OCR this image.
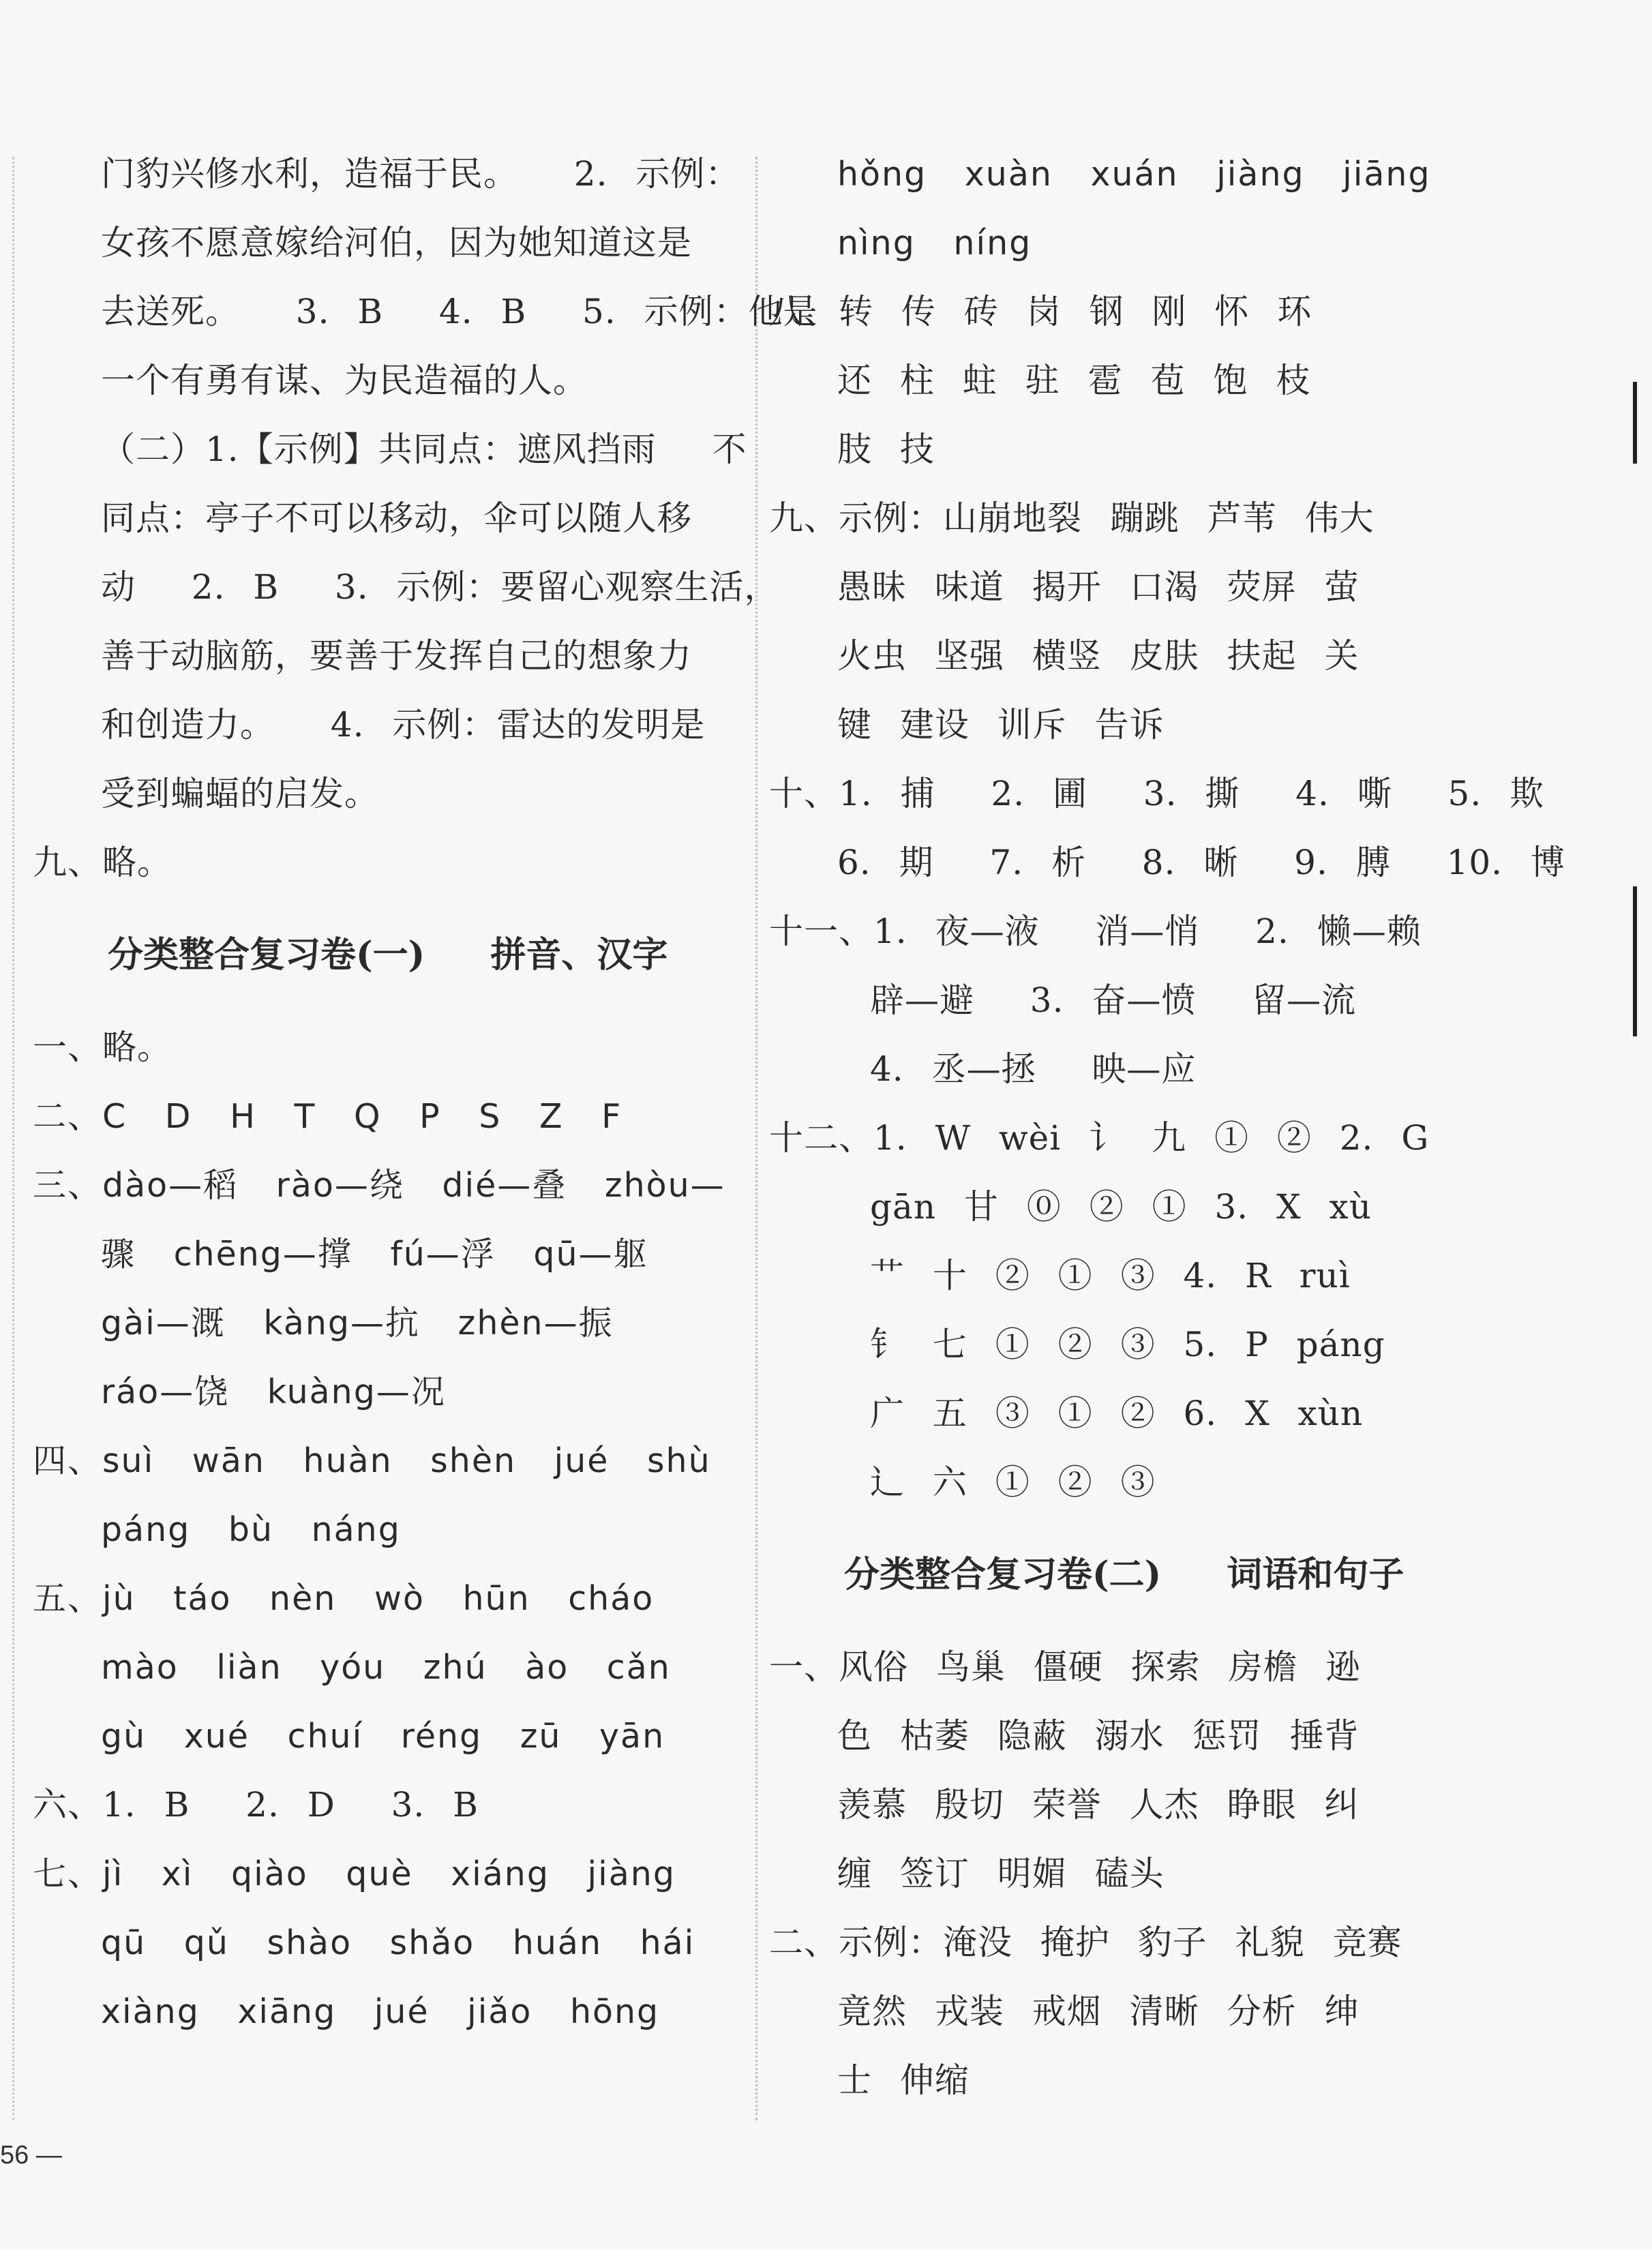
门豹兴修水利，造福于民。  2. 示例：
女孩不愿意嫁给河伯，因为她知道这是
去送死。  3. B  4. B  5. 示例：他是
一个有勇有谋、为民造福的人。
（二）1.【示例】共同点：遮风挡雨  不
同点：亭子不可以移动，伞可以随人移
动  2. B  3. 示例：要留心观察生活，
善于动脑筋，要善于发挥自己的想象力
和创造力。  4. 示例：雷达的发明是
受到蝙蝠的启发。
九、略。
分类整合复习卷(一)  拼音、汉字
一、略。
二、C D H T Q P S Z F
三、dào—稻 rào—绕 dié—叠 zhòu—
骤 chēng—撑 fú—浮 qū—躯
gài—溉 kàng—抗 zhèn—振
ráo—饶 kuàng—况
四、suì wān huàn shèn jué shù
páng bù náng
五、jù táo nèn wò hūn cháo
mào liàn yóu zhú ào cǎn
gù xué chuí réng zū yān
六、1. B  2. D  3. B
七、jì xì qiào què xiáng jiàng
qū qǔ shào shǎo huán hái
xiàng xiāng jué jiǎo hōng
hǒng xuàn xuán jiàng jiāng
nìng níng
八、转 传 砖 岗 钢 刚 怀 环
还 柱 蛀 驻 雹 苞 饱 枝
肢 技
九、示例：山崩地裂 蹦跳 芦苇 伟大
愚昧 味道 揭开 口渴 荧屏 萤
火虫 坚强 横竖 皮肤 扶起 关
键 建设 训斥 告诉
十、1. 捕  2. 圃  3. 撕  4. 嘶  5. 欺
6. 期  7. 析  8. 晰  9. 膊  10. 博
十一、1. 夜—液  消—悄  2. 懒—赖
辟—避  3. 奋—愤  留—流
4. 丞—拯  映—应
十二、1. W wèi 讠 九 ① ② 2. G
gān 甘 ⓪ ② ① 3. X xù
艹 十 ② ① ③ 4. R ruì
钅 七 ① ② ③ 5. P páng
广 五 ③ ① ② 6. X xùn
辶 六 ① ② ③
分类整合复习卷(二)  词语和句子
一、风俗 鸟巢 僵硬 探索 房檐 逊
色 枯萎 隐蔽 溺水 惩罚 捶背
羡慕 殷切 荣誉 人杰 睁眼 纠
缠 签订 明媚 磕头
二、示例：淹没 掩护 豹子 礼貌 竞赛
竟然 戎装 戒烟 清晰 分析 绅
士 伸缩
56 —
